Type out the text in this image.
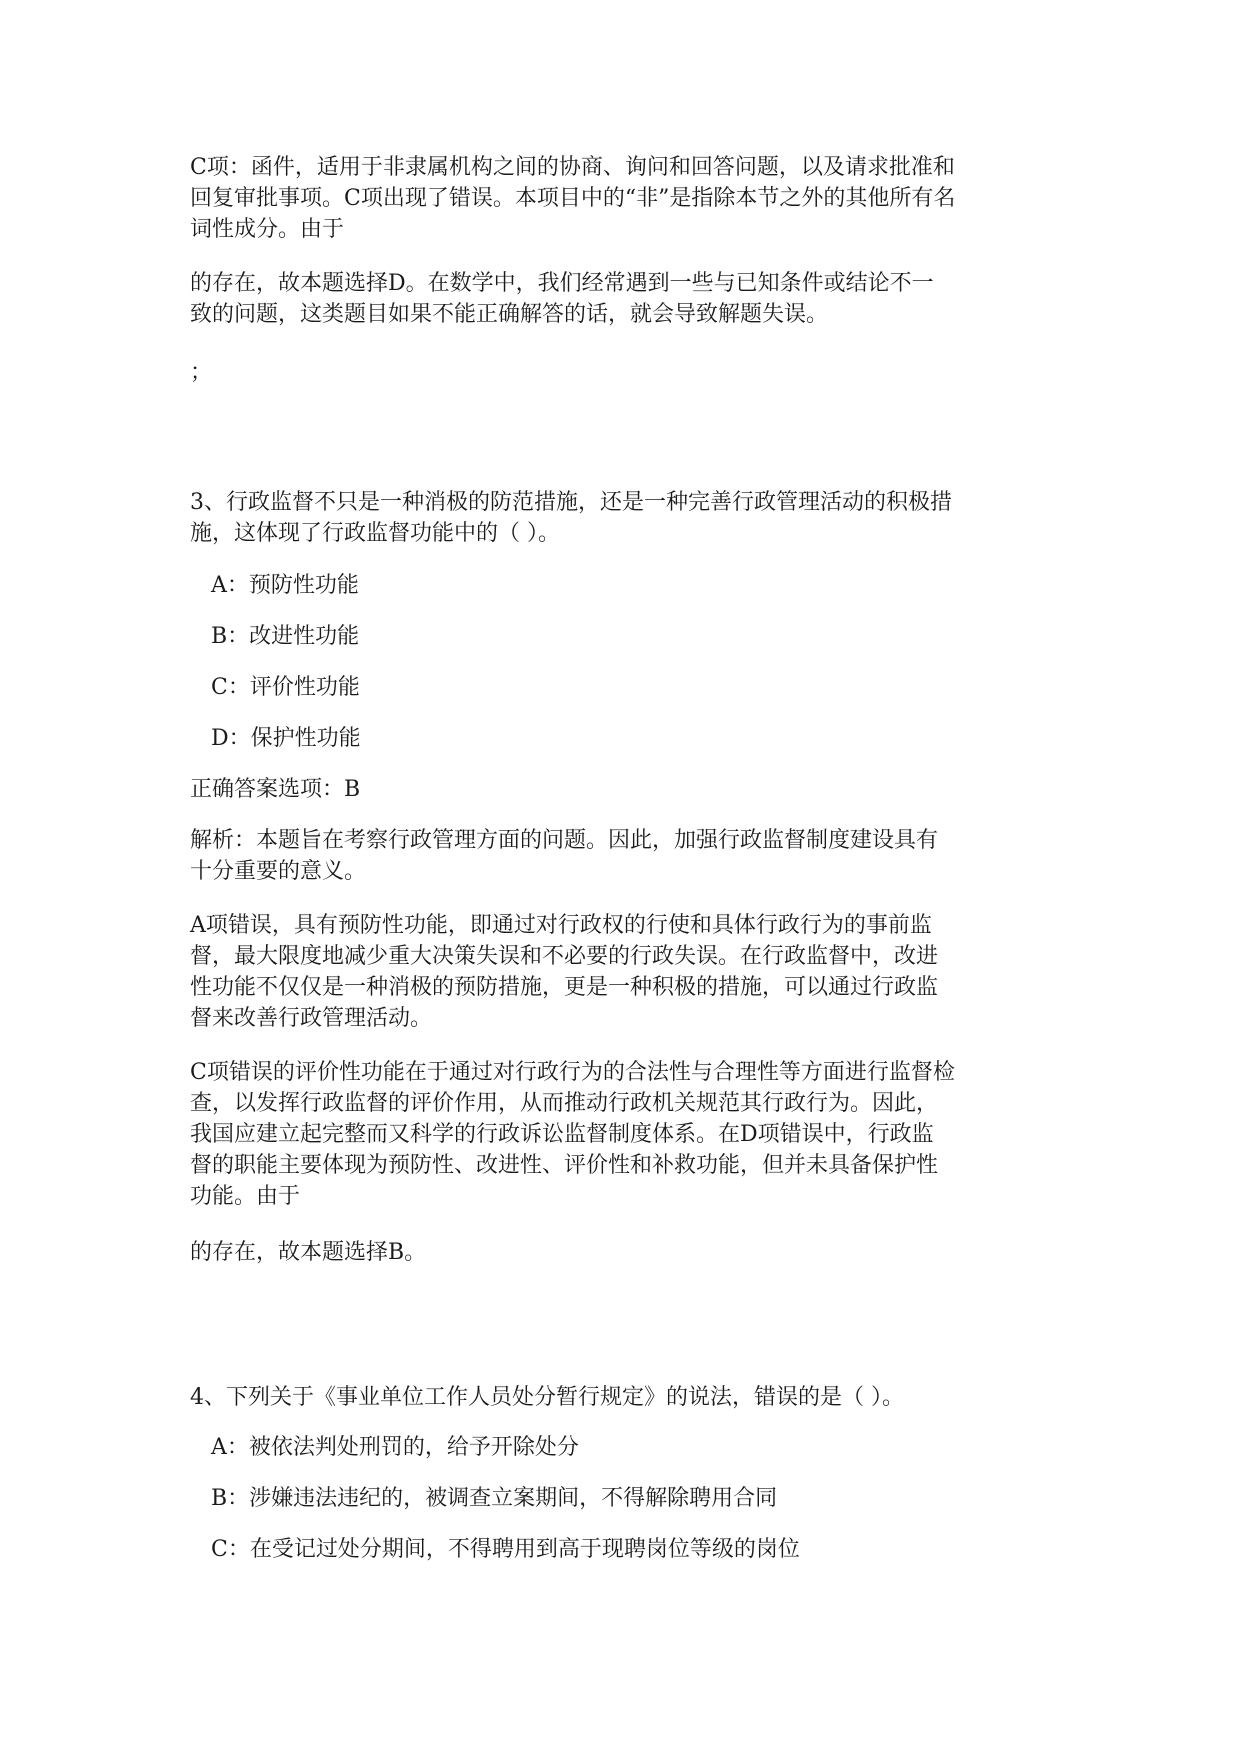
C项：函件，适用于非隶属机构之间的协商、询问和回答问题，以及请求批准和
回复审批事项。C项出现了错误。本项目中的“非”是指除本节之外的其他所有名
词性成分。由于
的存在，故本题选择D。在数学中，我们经常遇到一些与已知条件或结论不一
致的问题，这类题目如果不能正确解答的话，就会导致解题失误。
；
3、行政监督不只是一种消极的防范措施，还是一种完善行政管理活动的积极措
施，这体现了行政监督功能中的（ ）。
A：预防性功能
B：改进性功能
C：评价性功能
D：保护性功能
正确答案选项：B
解析：本题旨在考察行政管理方面的问题。因此，加强行政监督制度建设具有
十分重要的意义。
A项错误，具有预防性功能，即通过对行政权的行使和具体行政行为的事前监
督，最大限度地减少重大决策失误和不必要的行政失误。在行政监督中，改进
性功能不仅仅是一种消极的预防措施，更是一种积极的措施，可以通过行政监
督来改善行政管理活动。
C项错误的评价性功能在于通过对行政行为的合法性与合理性等方面进行监督检
查，以发挥行政监督的评价作用，从而推动行政机关规范其行政行为。因此，
我国应建立起完整而又科学的行政诉讼监督制度体系。在D项错误中，行政监
督的职能主要体现为预防性、改进性、评价性和补救功能，但并未具备保护性
功能。由于
的存在，故本题选择B。
4、下列关于《事业单位工作人员处分暂行规定》的说法，错误的是（ ）。
A：被依法判处刑罚的，给予开除处分
B：涉嫌违法违纪的，被调查立案期间，不得解除聘用合同
C：在受记过处分期间，不得聘用到高于现聘岗位等级的岗位
